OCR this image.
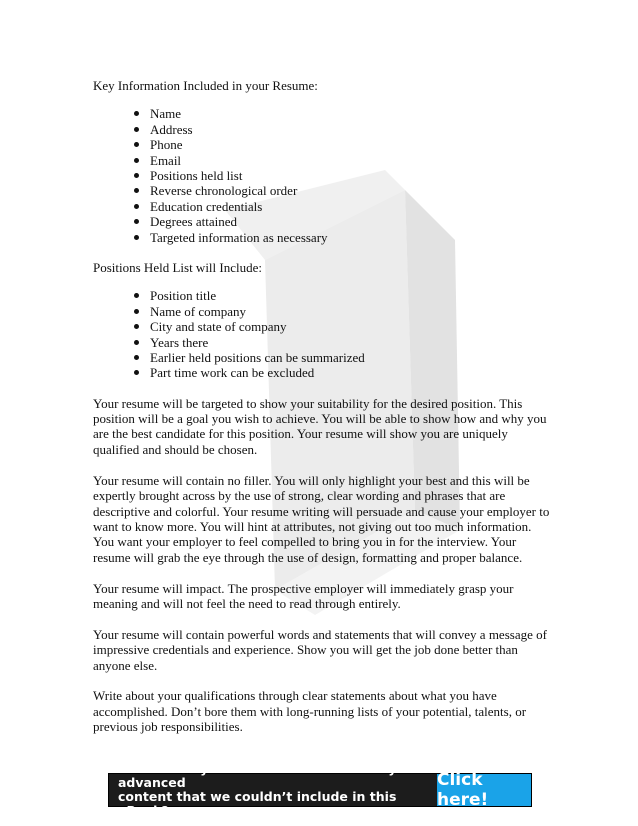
Key Information Included in your Resume:
Name
Address
Phone
Email
Positions held list
Reverse chronological order
Education credentials
Degrees attained
Targeted information as necessary
Positions Held List will Include:
Position title
Name of company
City and state of company
Years there
Earlier held positions can be summarized
Part time work can be excluded

Your resume will be targeted to show your suitability for the desired position. This position will be a goal you wish to achieve. You will be able to show how and why you are the best candidate for this position. Your resume will show you are uniquely qualified and should be chosen.

Your resume will contain no filler. You will only highlight your best and this will be expertly brought across by the use of strong, clear wording and phrases that are descriptive and colorful. Your resume writing will persuade and cause your employer to want to know more. You will hint at attributes, not giving out too much information. You want your employer to feel compelled to bring you in for the interview. Your resume will grab the eye through the use of design, formatting and proper balance.

Your resume will impact. The prospective employer will immediately grasp your meaning and will not feel the need to read through entirely.

Your resume will contain powerful words and statements that will convey a message of impressive credentials and experience. Show you will get the job done better than anyone else.

Write about your qualifications through clear statements about what you have accomplished. Don’t bore them with long-running lists of your potential, talents, or previous job responsibilities.

Pssst.... do you want to learn the really advanced
content that we couldn’t include in this eBook?
Click here!
